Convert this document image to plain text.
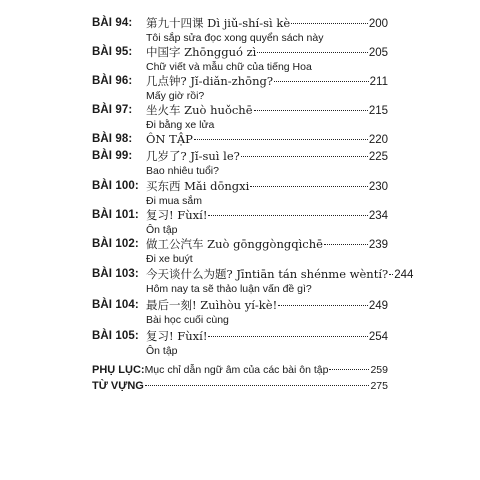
BÀI 94: 第九十四课 Dì jiǔ-shí-sì kè	200
Tôi sắp sửa đọc xong quyển sách này
BÀI 95: 中国字 Zhōngguó zì	205
Chữ viết và mẫu chữ của tiếng Hoa
BÀI 96: 几点钟? Jǐ-diǎn-zhōng?	211
Mấy giờ rồi?
BÀI 97: 坐火车 Zuò huǒchē	215
Đi bằng xe lửa
BÀI 98: ÔN TẬP	220
BÀI 99: 几岁了? Jǐ-suì le?	225
Bao nhiêu tuổi?
BÀI 100: 买东西 Mǎi dōngxi	230
Đi mua sắm
BÀI 101: 复习! Fùxí!	234
Ôn tập
BÀI 102: 做工公汽车 Zuò gōnggòngqìchē	239
Đi xe buýt
BÀI 103: 今天谈什么为题? Jīntiān tán shénme wèntí? 244
Hôm nay ta sẽ thảo luận vấn đề gì?
BÀI 104: 最后一刻! Zuìhòu yí-kè!	249
Bài học cuối cùng
BÀI 105: 复习! Fùxí!	254
Ôn tập
PHỤ LỤC: Mục chỉ dẫn ngữ âm của các bài ôn tập	259
TỪ VỰNG	275
